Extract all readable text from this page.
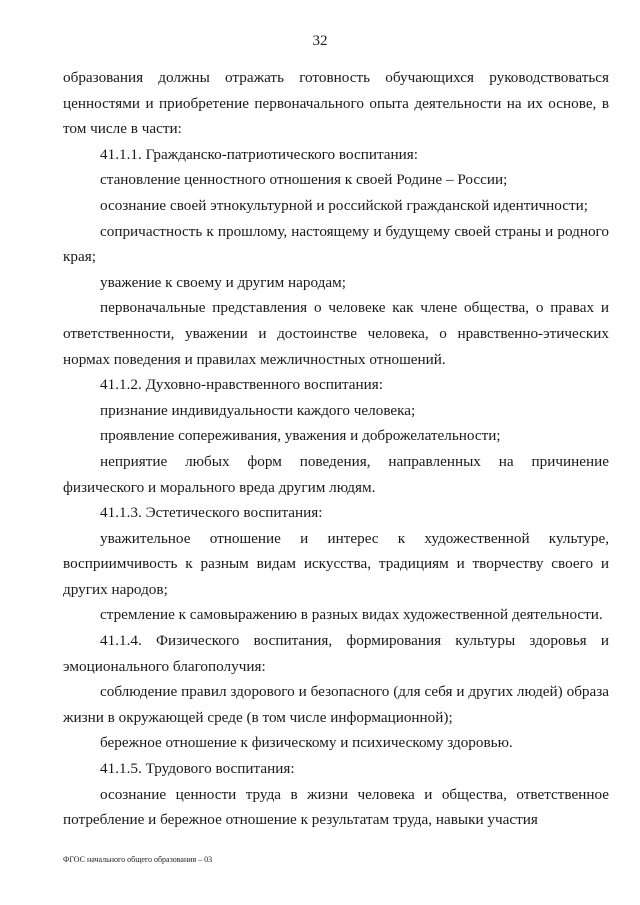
32

образования должны отражать готовность обучающихся руководствоваться ценностями и приобретение первоначального опыта деятельности на их основе, в том числе в части:

41.1.1. Гражданско-патриотического воспитания:

становление ценностного отношения к своей Родине – России;

осознание своей этнокультурной и российской гражданской идентичности;

сопричастность к прошлому, настоящему и будущему своей страны и родного края;

уважение к своему и другим народам;

первоначальные представления о человеке как члене общества, о правах и ответственности, уважении и достоинстве человека, о нравственно-этических нормах поведения и правилах межличностных отношений.

41.1.2. Духовно-нравственного воспитания:

признание индивидуальности каждого человека;

проявление сопереживания, уважения и доброжелательности;

неприятие любых форм поведения, направленных на причинение физического и морального вреда другим людям.

41.1.3. Эстетического воспитания:

уважительное отношение и интерес к художественной культуре, восприимчивость к разным видам искусства, традициям и творчеству своего и других народов;

стремление к самовыражению в разных видах художественной деятельности.

41.1.4. Физического воспитания, формирования культуры здоровья и эмоционального благополучия:

соблюдение правил здорового и безопасного (для себя и других людей) образа жизни в окружающей среде (в том числе информационной);

бережное отношение к физическому и психическому здоровью.

41.1.5. Трудового воспитания:

осознание ценности труда в жизни человека и общества, ответственное потребление и бережное отношение к результатам труда, навыки участия

ФГОС начального общего образования – 03
